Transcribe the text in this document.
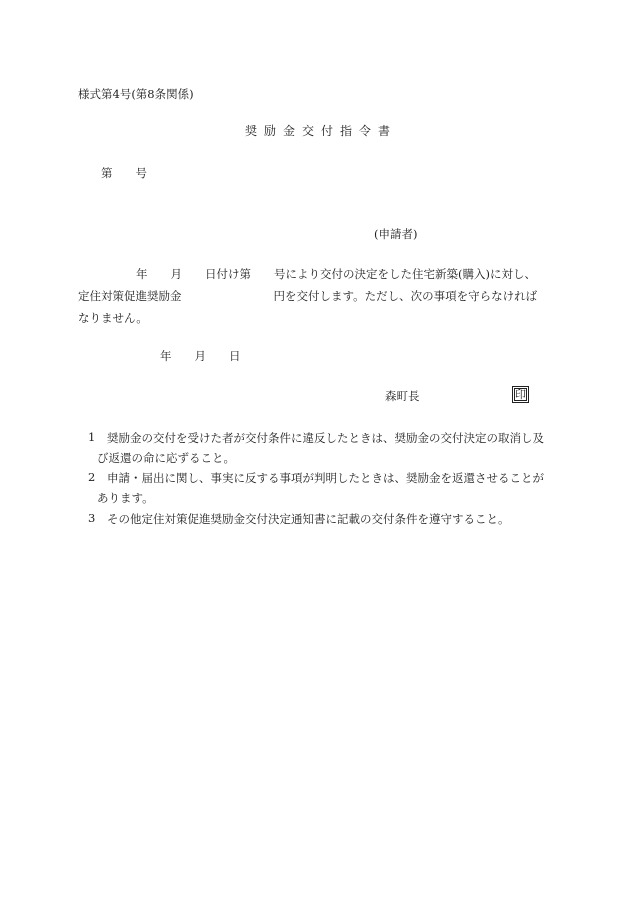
様式第4号(第8条関係)
奨励金交付指令書
第　　号
(申請者)
年　　月　　日付け第　　号により交付の決定をした住宅新築(購入)に対し、
定住対策促進奨励金　　　　　　　　円を交付します。ただし、次の事項を守らなければ
なりません。
年　　月　　日
森町長	印
1 奨励金の交付を受けた者が交付条件に違反したときは、奨励金の交付決定の取消し及
び返還の命に応ずること。
2 申請・届出に関し、事実に反する事項が判明したときは、奨励金を返還させることが
あります。
3 その他定住対策促進奨励金交付決定通知書に記載の交付条件を遵守すること。
